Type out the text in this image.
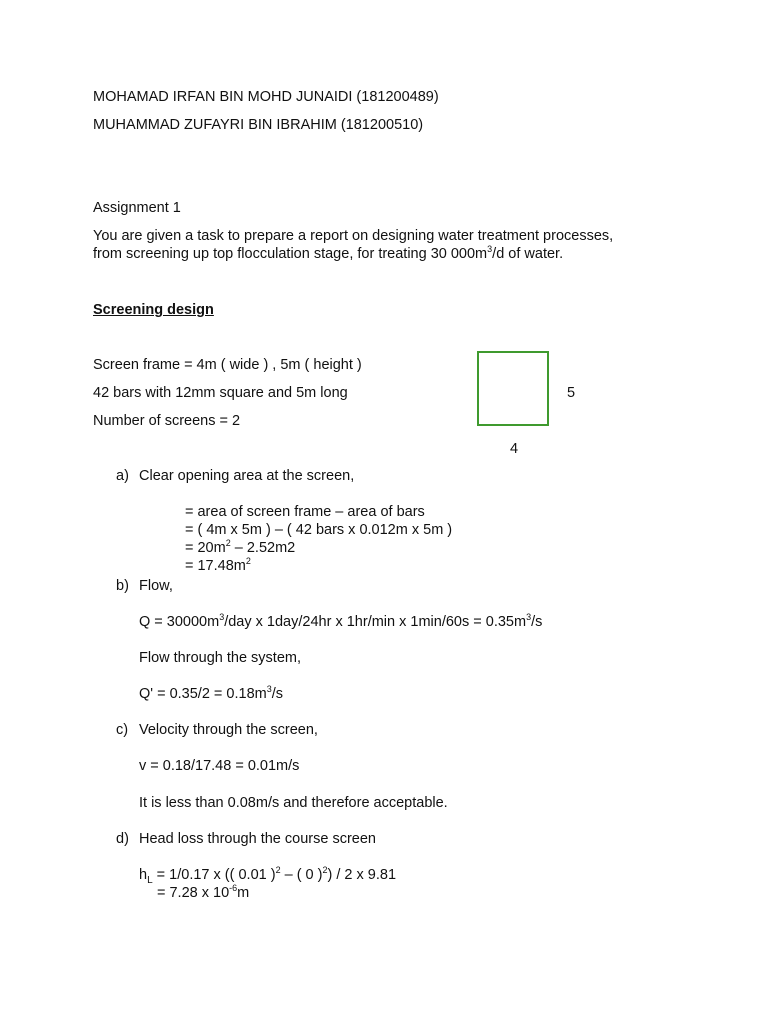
MOHAMAD IRFAN BIN MOHD JUNAIDI (181200489)
MUHAMMAD ZUFAYRI BIN IBRAHIM (181200510)
Assignment 1
You are given a task to prepare a report on designing water treatment processes,
from screening up top flocculation stage, for treating 30 $000m^3/d$ of water.
Screening design
Screen frame = 4m ( wide ) , 5m ( height )
42 bars with 12mm square and 5m long
Number of screens = 2
5
4
a) Clear opening area at the screen,
= area of screen frame – area of bars
= ( 4m x 5m ) – ( 42 bars x 0.012m x 5m )
= $20m^2 - 2.52m2$
= $17.48m^2$
b) Flow,
$Q = 30000m^3$/day x 1day/24hr x 1hr/min x $1\min/60s = 0.35m^3/s$
Flow through the system,
$Q' = 0.35/2 = 0.18m^3/s$
c) Velocity through the screen,
v = 0.18/17.48 = 0.01m/s
It is less than 0.08m/s and therefore acceptable.
d) Head loss through the course screen
$h_L = 1/0.17$ x (( 0.01 )$^2$ – ( 0 )$^2$) / 2 x 9.81
= 7.28 x $10^{-6}m$
